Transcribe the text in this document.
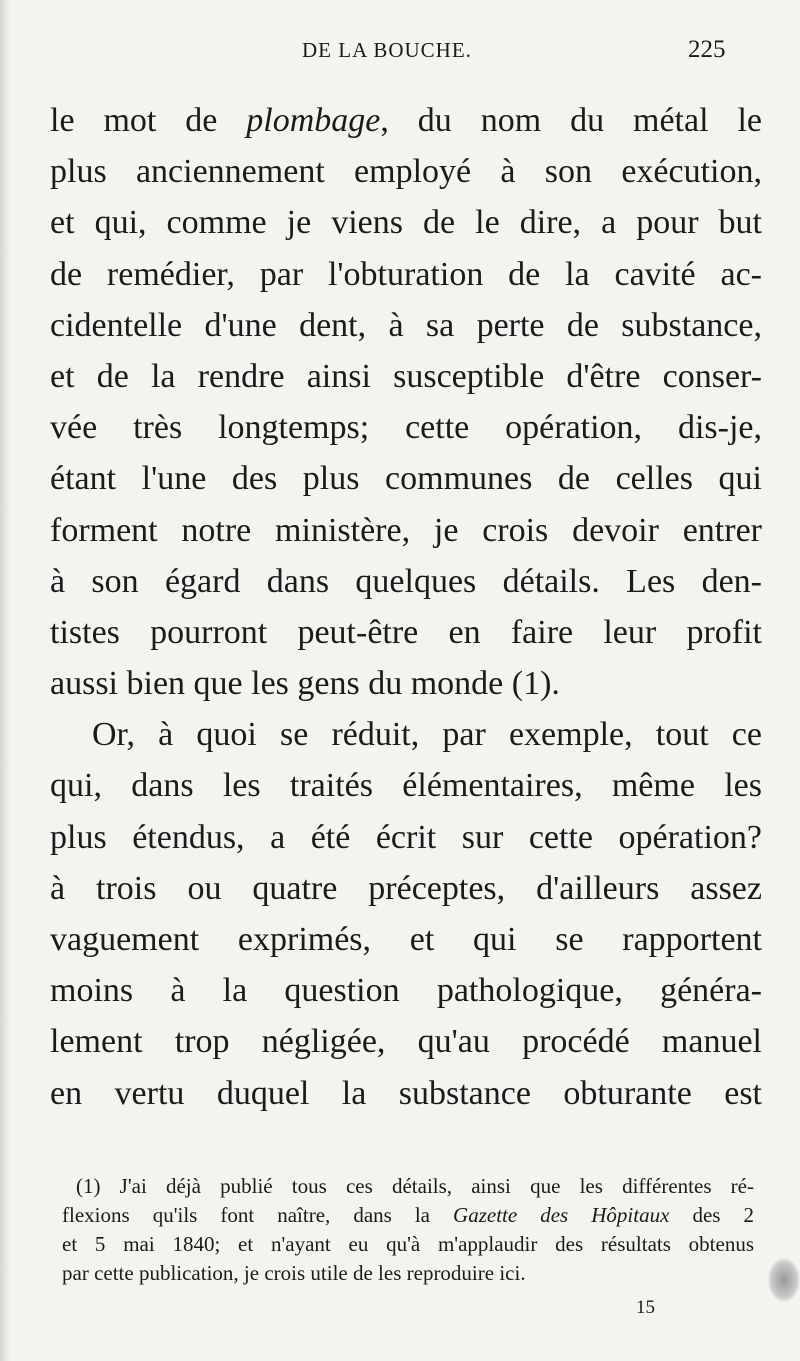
DE LA BOUCHE.	225
le mot de plombage, du nom du métal le
plus anciennement employé à son exécution,
et qui, comme je viens de le dire, a pour but
de remédier, par l'obturation de la cavité ac-
cidentelle d'une dent, à sa perte de substance,
et de la rendre ainsi susceptible d'être conser-
vée très longtemps; cette opération, dis-je,
étant l'une des plus communes de celles qui
forment notre ministère, je crois devoir entrer
à son égard dans quelques détails. Les den-
tistes pourront peut-être en faire leur profit
aussi bien que les gens du monde (1).
Or, à quoi se réduit, par exemple, tout ce
qui, dans les traités élémentaires, même les
plus étendus, a été écrit sur cette opération?
à trois ou quatre préceptes, d'ailleurs assez
vaguement exprimés, et qui se rapportent
moins à la question pathologique, généra-
lement trop négligée, qu'au procédé manuel
en vertu duquel la substance obturante est
(1) J'ai déjà publié tous ces détails, ainsi que les différentes ré-
flexions qu'ils font naître, dans la Gazette des Hôpitaux des 2
et 5 mai 1840; et n'ayant eu qu'à m'applaudir des résultats obtenus
par cette publication, je crois utile de les reproduire ici.
15
